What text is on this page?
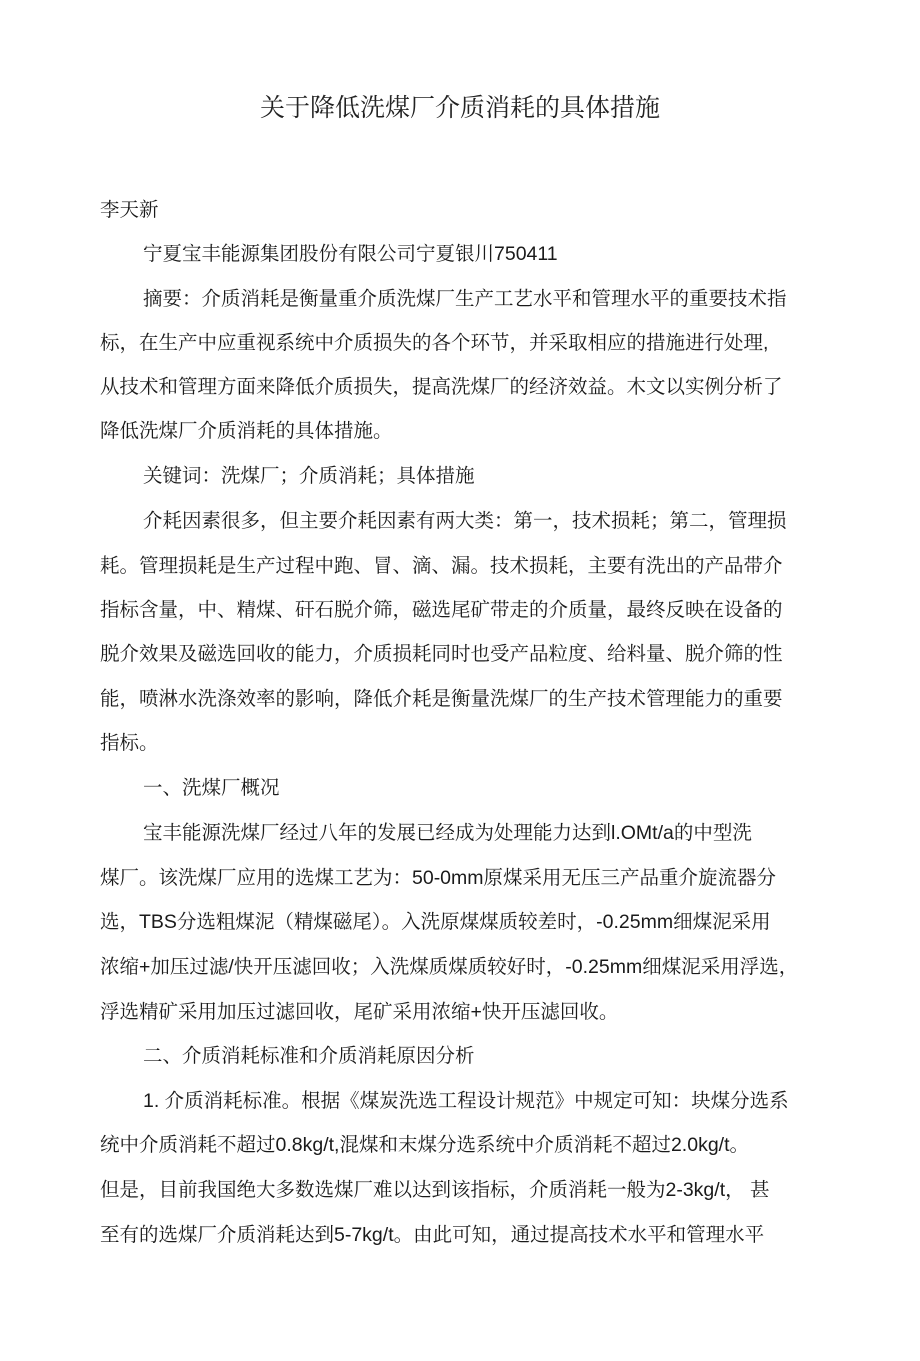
关于降低洗煤厂介质消耗的具体措施
李天新
宁夏宝丰能源集团股份有限公司宁夏银川750411
摘要：介质消耗是衡量重介质洗煤厂生产工艺水平和管理水平的重要技术指
标，在生产中应重视系统中介质损失的各个环节，并采取相应的措施进行处理,
从技术和管理方面来降低介质损失，提高洗煤厂的经济效益。木文以实例分析了
降低洗煤厂介质消耗的具体措施。
关键词：洗煤厂；介质消耗；具体措施
介耗因素很多，但主要介耗因素有两大类：第一，技术损耗；第二，管理损
耗。管理损耗是生产过程中跑、冒、滴、漏。技术损耗，主要有洗出的产品带介
指标含量，中、精煤、矸石脱介筛，磁选尾矿带走的介质量，最终反映在设备的
脱介效果及磁选回收的能力，介质损耗同时也受产品粒度、给料量、脱介筛的性
能，喷淋水洗涤效率的影响，降低介耗是衡量洗煤厂的生产技术管理能力的重要
指标。
一、洗煤厂概况
宝丰能源洗煤厂经过八年的发展已经成为处理能力达到l.OMt/a的中型洗
煤厂。该洗煤厂应用的选煤工艺为：50-0mm原煤采用无压三产品重介旋流器分
选，TBS分选粗煤泥（精煤磁尾）。入洗原煤煤质较差时，-0.25mm细煤泥采用
浓缩+加压过滤/快开压滤回收；入洗煤质煤质较好时，-0.25mm细煤泥采用浮选，
浮选精矿采用加压过滤回收，尾矿采用浓缩+快开压滤回收。
二、介质消耗标准和介质消耗原因分析
1. 介质消耗标准。根据《煤炭洗选工程设计规范》中规定可知：块煤分选系
统中介质消耗不超过0.8kg/t,混煤和末煤分选系统中介质消耗不超过2.0kg/t。
但是，目前我国绝大多数选煤厂难以达到该指标，介质消耗一般为2-3kg/t， 甚
至有的选煤厂介质消耗达到5-7kg/t。由此可知，通过提高技术水平和管理水平
